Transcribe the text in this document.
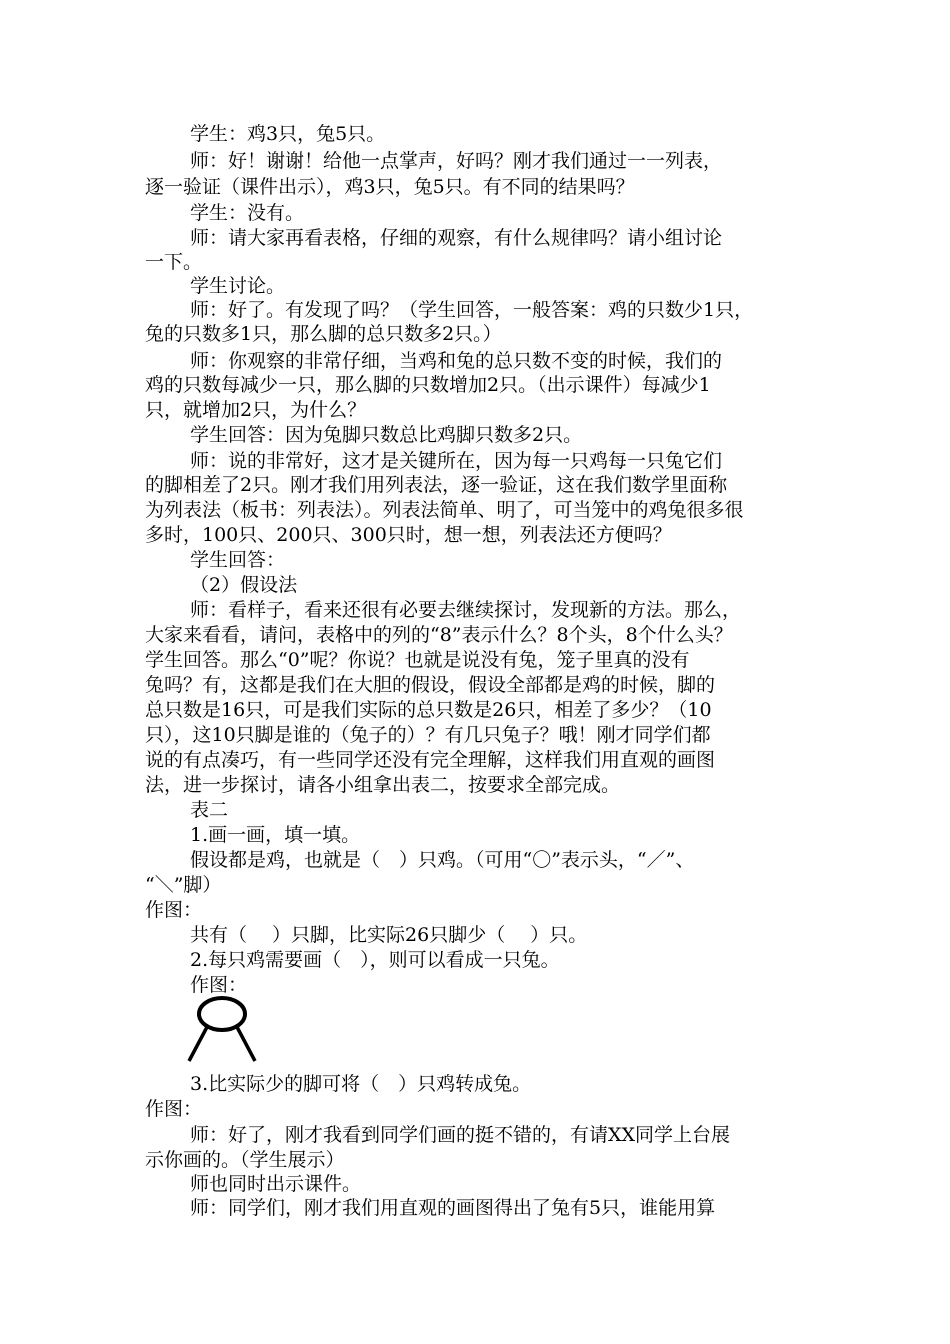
学生：鸡3只，兔5只。
师：好！谢谢！给他一点掌声，好吗？刚才我们通过一一列表，
逐一验证（课件出示），鸡3只，兔5只。有不同的结果吗？
学生：没有。
师：请大家再看表格，仔细的观察，有什么规律吗？请小组讨论
一下。
学生讨论。
师：好了。有发现了吗？（学生回答，一般答案：鸡的只数少1只，
兔的只数多1只，那么脚的总只数多2只。）
师：你观察的非常仔细，当鸡和兔的总只数不变的时候，我们的
鸡的只数每减少一只，那么脚的只数增加2只。（出示课件）每减少1
只，就增加2只，为什么？
学生回答：因为兔脚只数总比鸡脚只数多2只。
师：说的非常好，这才是关键所在，因为每一只鸡每一只兔它们
的脚相差了2只。刚才我们用列表法，逐一验证，这在我们数学里面称
为列表法（板书：列表法）。列表法简单、明了，可当笼中的鸡兔很多很
多时，100只、200只、300只时，想一想，列表法还方便吗？
学生回答：
（2）假设法
师：看样子，看来还很有必要去继续探讨，发现新的方法。那么，
大家来看看，请问，表格中的列的“8”表示什么？8个头，8个什么头？
学生回答。那么“0”呢？你说？也就是说没有兔，笼子里真的没有
兔吗？有，这都是我们在大胆的假设，假设全部都是鸡的时候，脚的
总只数是16只，可是我们实际的总只数是26只，相差了多少？（10
只），这10只脚是谁的（兔子的）？有几只兔子？哦！刚才同学们都
说的有点凑巧，有一些同学还没有完全理解，这样我们用直观的画图
法，进一步探讨，请各小组拿出表二，按要求全部完成。
表二
1.画一画，填一填。
假设都是鸡，也就是（　）只鸡。（可用“〇”表示头，“／”、
“＼”脚）
作图：
共有（　 ）只脚，比实际26只脚少（　 ）只。
2.每只鸡需要画（　），则可以看成一只兔。
作图：
3.比实际少的脚可将（　）只鸡转成兔。
作图：
师：好了，刚才我看到同学们画的挺不错的，有请XX同学上台展
示你画的。（学生展示）
师也同时出示课件。
师：同学们，刚才我们用直观的画图得出了兔有5只，谁能用算
